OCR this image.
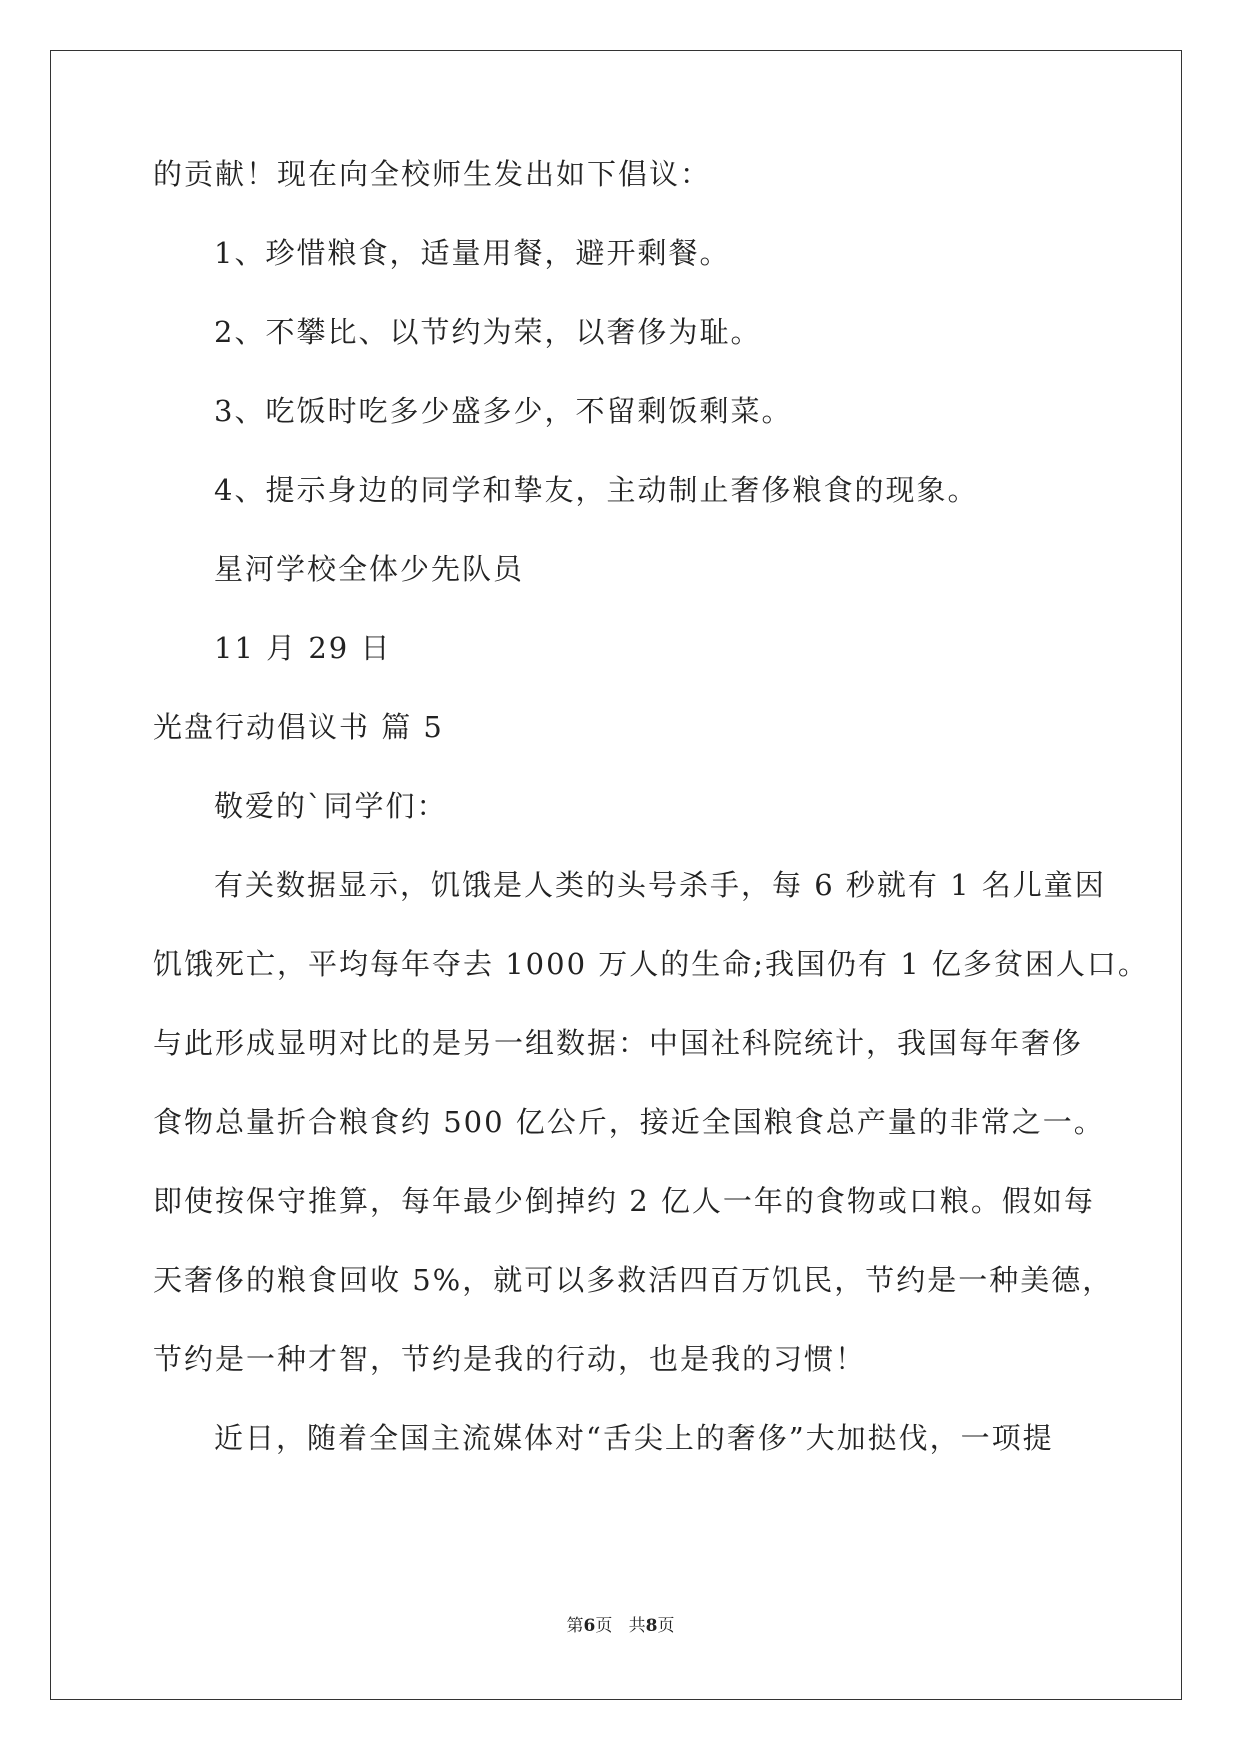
的贡献！现在向全校师生发出如下倡议：
1、珍惜粮食，适量用餐，避开剩餐。
2、不攀比、以节约为荣，以奢侈为耻。
3、吃饭时吃多少盛多少，不留剩饭剩菜。
4、提示身边的同学和挚友，主动制止奢侈粮食的现象。
星河学校全体少先队员
11 月 29 日
光盘行动倡议书 篇 5
敬爱的`同学们：
有关数据显示，饥饿是人类的头号杀手，每 6 秒就有 1 名儿童因
饥饿死亡，平均每年夺去 1000 万人的生命;我国仍有 1 亿多贫困人口。
与此形成显明对比的是另一组数据：中国社科院统计，我国每年奢侈
食物总量折合粮食约 500 亿公斤，接近全国粮食总产量的非常之一。
即使按保守推算，每年最少倒掉约 2 亿人一年的食物或口粮。假如每
天奢侈的粮食回收 5%，就可以多救活四百万饥民，节约是一种美德，
节约是一种才智，节约是我的行动，也是我的习惯！
近日，随着全国主流媒体对“舌尖上的奢侈”大加挞伐，一项提
第6页   共8页
